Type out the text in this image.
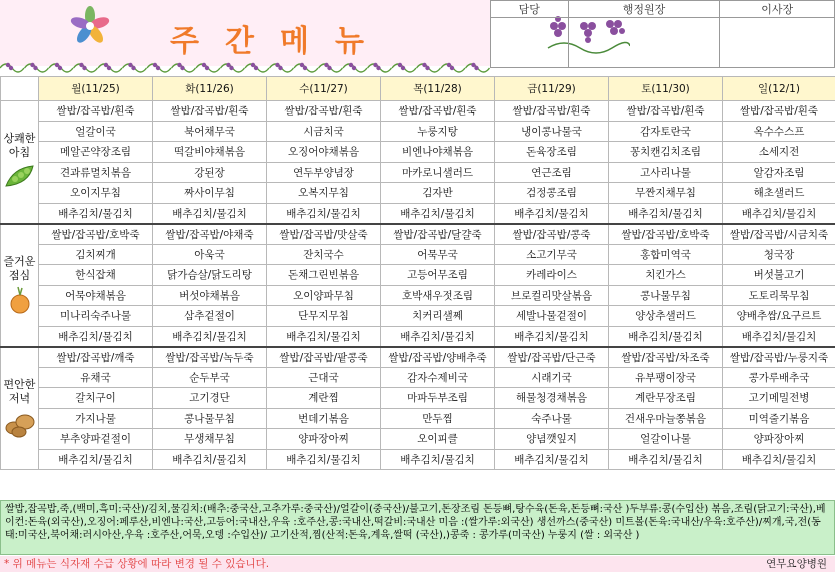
주간메뉴
담당	행정원장	이사장

	월(11/25)	화(11/26)	수(11/27)	목(11/28)	금(11/29)	토(11/30)	일(12/1)

상쾌한
아침	쌀밥/잡곡밥/흰죽	쌀밥/잡곡밥/흰죽	쌀밥/잡곡밥/흰죽	쌀밥/잡곡밥/흰죽	쌀밥/잡곡밥/흰죽	쌀밥/잡곡밥/흰죽	쌀밥/잡곡밥/흰죽
	얼갈이국	북어채무국	시금치국	누룽지탕	냉이콩나물국	감자토란국	옥수수스프
	메알곤약장조림	떡갈비야채볶음	오징어야채볶음	비엔나야채볶음	돈육장조림	꽁치캔김치조림	소세지전
	견과류멸치볶음	강된장	연두부양념장	마카로니샐러드	연근조림	고사리나물	알감자조림
	오이지무침	짜사이무침	오복지무침	김자반	검정콩조림	무짠지채무침	해초샐러드
	배추김치/물김치	배추김치/물김치	배추김치/물김치	배추김치/물김치	배추김치/물김치	배추김치/물김치	배추김치/물김치

즐거운
점심	쌀밥/잡곡밥/호박죽	쌀밥/잡곡밥/야채죽	쌀밥/잡곡밥/맛살죽	쌀밥/잡곡밥/달걀죽	쌀밥/잡곡밥/콩죽	쌀밥/잡곡밥/호박죽	쌀밥/잡곡밥/시금치죽
	김치찌개	아욱국	잔치국수	어묵무국	소고기무국	홍합미역국	청국장
	한식잡채	닭가슴살/닭도리탕	돈채그린빈볶음	고등어무조림	카레라이스	치킨가스	버섯불고기
	어묵야채볶음	버섯야채볶음	오이양파무침	호박새우젓조림	브로컬리맛살볶음	콩나물무침	도토리묵무침
	미나리숙주나물	삼추겉절이	단무지무침	치커리샐쩨	세발나물겉절이	양상추샐러드	양배추쌈/요구르트
	배추김치/물김치	배추김치/물김치	배추김치/물김치	배추김치/물김치	배추김치/물김치	배추김치/물김치	배추김치/물김치

편안한
저녁	쌀밥/잡곡밥/깨죽	쌀밥/잡곡밥/녹두죽	쌀밥/잡곡밥/팥콩죽	쌀밥/잡곡밥/양배추죽	쌀밥/잡곡밥/단근죽	쌀밥/잡곡밥/차조죽	쌀밥/잡곡밥/누룽지죽
	유채국	순두부국	근대국	감자수제비국	시래기국	유부팽이장국	콩가루배추국
	갈치구이	고기경단	계란찜	마파두부조림	해물청경채볶음	계란무장조림	고기메밀전병
	가지나물	콩나물무침	번데기볶음	만두찜	숙주나물	건새우마늘쫑볶음	미역줄기볶음
	부추양파겉절이	무생채무침	양파장아찌	오이피클	양념깻잎지	얼갈이나물	양파장아찌
	배추김치/물김치	배추김치/물김치	배추김치/물김치	배추김치/물김치	배추김치/물김치	배추김치/물김치	배추김치/물김치
쌀밥,잡곡밥,죽,(백미,흑미:국산)/김치,물김치:(배추:중국산,고추가루:중국산)/얼갈이(중국산)/불고기,돈장조림 돈등뼈,탕수육(돈육,돈등뼈:국산 )두부류:콩(수입산) 볶음,조림(닭고기:국산),베이컨:돈육(외국산),오징어:페루산,비엔나:국산,고등어:국내산,우육 :호주산,콩:국내산,떡갈비:국내산 미음 :(쌀가루:외국산) 생선까스(중국산) 미트볼(돈육:국내산/우육:호주산)/찌개,국,전(동태:미국산,북어채:러시아산,우육 :호주산,어묵,오뎅 :수입산)/ 고기산적,찜(산적:돈육,계육,쌀떡 (국산),)콩죽 : 콩가루(미국산) 누룽지 (쌀 : 외국산 )
* 위 메뉴는 식자재 수급 상황에 따라 변경 될 수 있습니다.	연무요양병원
